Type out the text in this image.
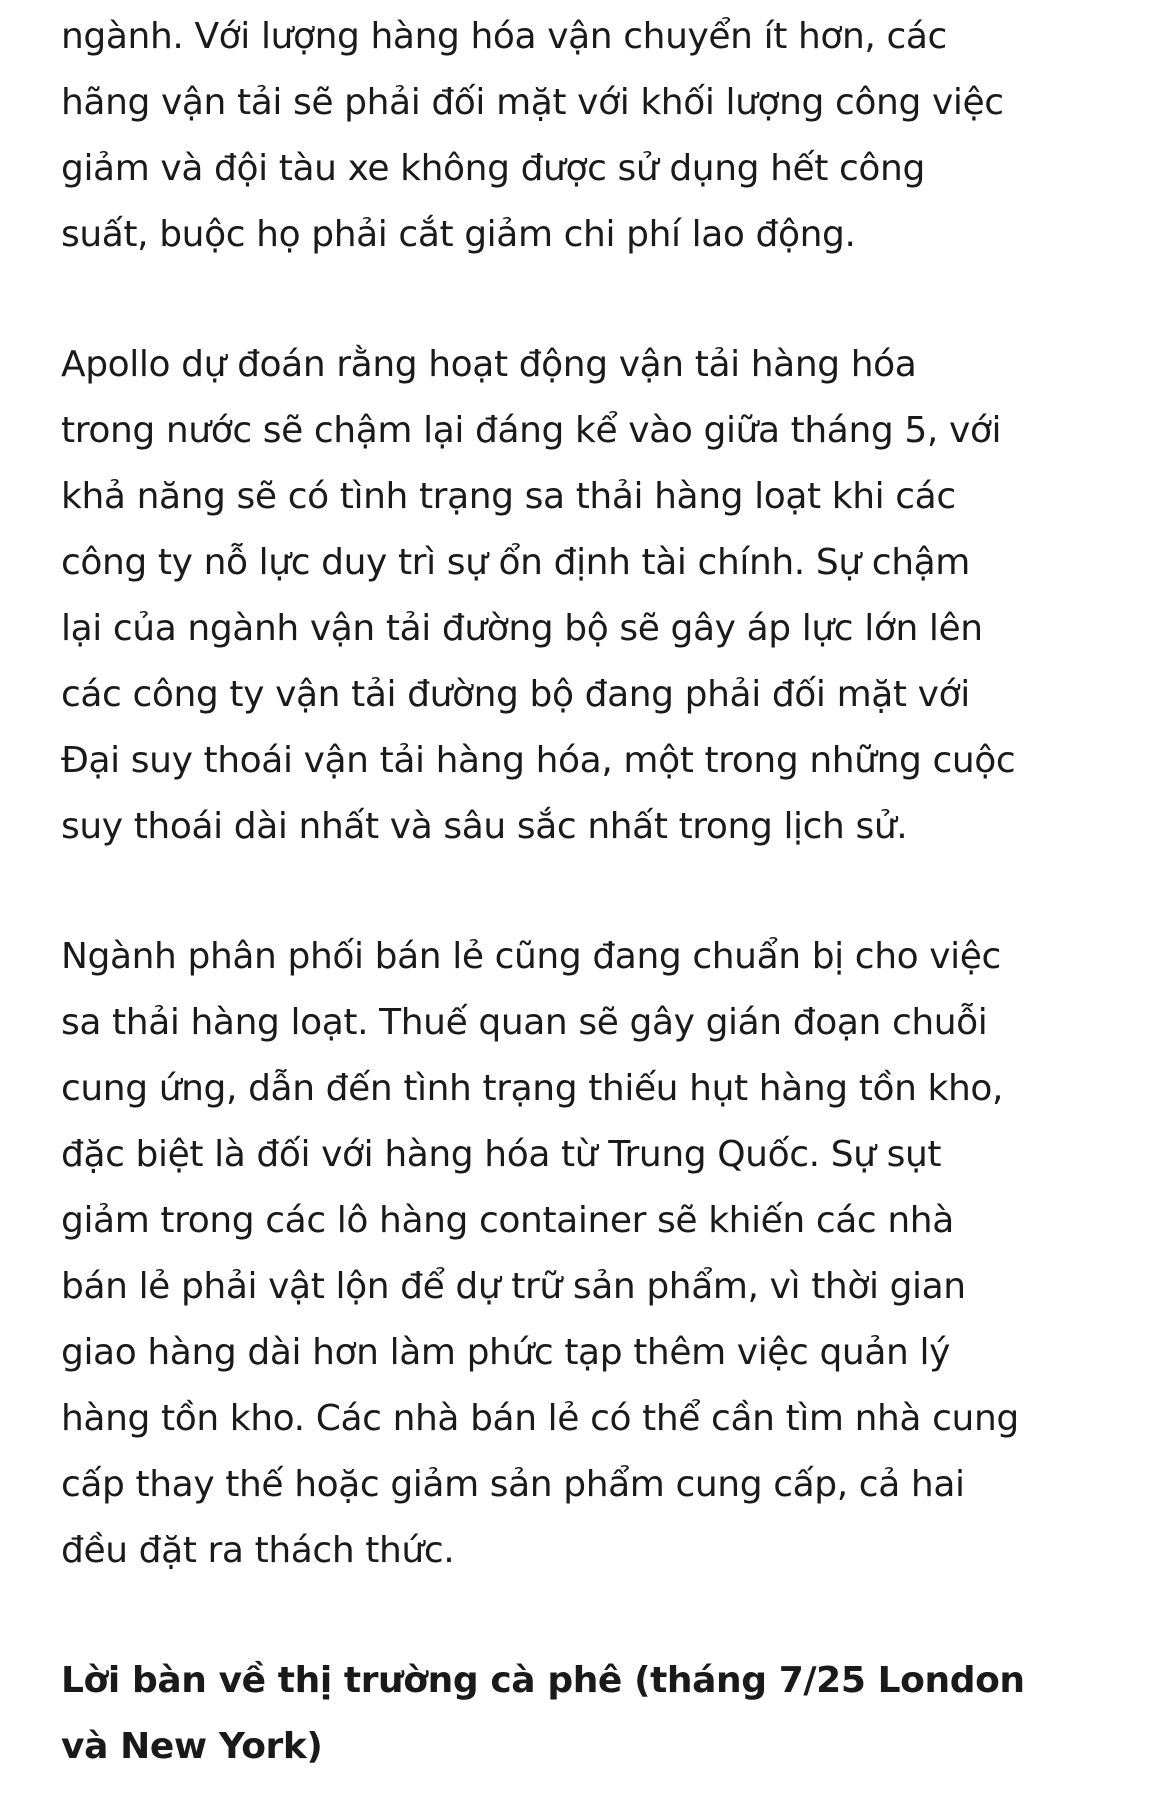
ngành. Với lượng hàng hóa vận chuyển ít hơn, các
hãng vận tải sẽ phải đối mặt với khối lượng công việc
giảm và đội tàu xe không được sử dụng hết công
suất, buộc họ phải cắt giảm chi phí lao động.

Apollo dự đoán rằng hoạt động vận tải hàng hóa
trong nước sẽ chậm lại đáng kể vào giữa tháng 5, với
khả năng sẽ có tình trạng sa thải hàng loạt khi các
công ty nỗ lực duy trì sự ổn định tài chính. Sự chậm
lại của ngành vận tải đường bộ sẽ gây áp lực lớn lên
các công ty vận tải đường bộ đang phải đối mặt với
Đại suy thoái vận tải hàng hóa, một trong những cuộc
suy thoái dài nhất và sâu sắc nhất trong lịch sử.

Ngành phân phối bán lẻ cũng đang chuẩn bị cho việc
sa thải hàng loạt. Thuế quan sẽ gây gián đoạn chuỗi
cung ứng, dẫn đến tình trạng thiếu hụt hàng tồn kho,
đặc biệt là đối với hàng hóa từ Trung Quốc. Sự sụt
giảm trong các lô hàng container sẽ khiến các nhà
bán lẻ phải vật lộn để dự trữ sản phẩm, vì thời gian
giao hàng dài hơn làm phức tạp thêm việc quản lý
hàng tồn kho. Các nhà bán lẻ có thể cần tìm nhà cung
cấp thay thế hoặc giảm sản phẩm cung cấp, cả hai
đều đặt ra thách thức.

Lời bàn về thị trường cà phê (tháng 7/25 London
và New York)
